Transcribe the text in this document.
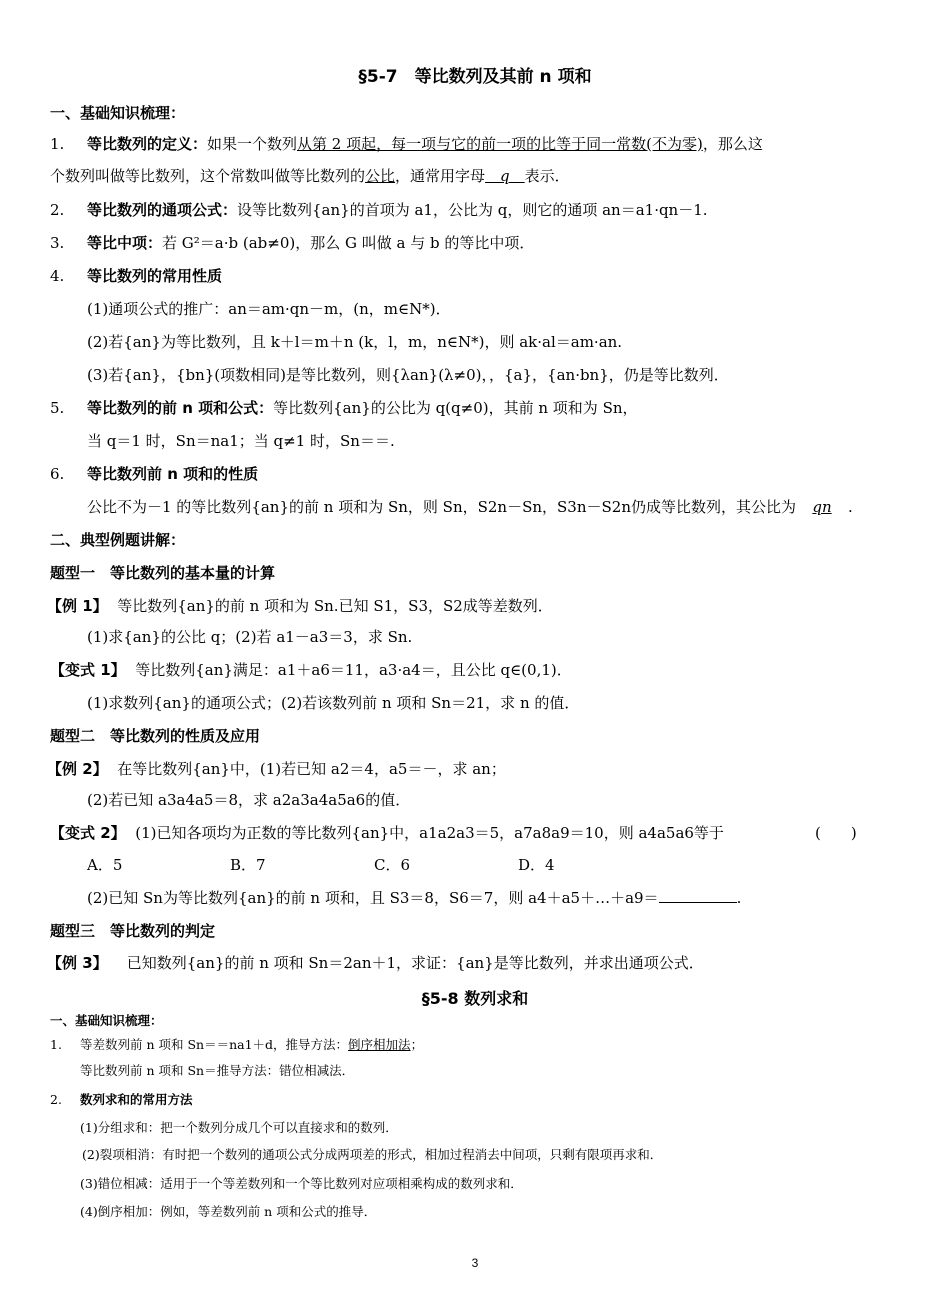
§5-7　等比数列及其前 n 项和
一、基础知识梳理：
1. 等比数列的定义：如果一个数列从第 2 项起，每一项与它的前一项的比等于同一常数(不为零)，那么这
个数列叫做等比数列，这个常数叫做等比数列的公比，通常用字母　q　表示．
2. 等比数列的通项公式：设等比数列{an}的首项为 a1，公比为 q，则它的通项 an＝a1·qn－1.
3. 等比中项：若 G²＝a·b (ab≠0)，那么 G 叫做 a 与 b 的等比中项．
4. 等比数列的常用性质
(1)通项公式的推广：an＝am·qn－m，(n，m∈N*)．
(2)若{an}为等比数列，且 k＋l＝m＋n (k，l，m，n∈N*)，则 ak·al＝am·an.
(3)若{an}，{bn}(项数相同)是等比数列，则{λan}(λ≠0)，，{a}，{an·bn}，仍是等比数列．
5. 等比数列的前 n 项和公式：等比数列{an}的公比为 q(q≠0)，其前 n 项和为 Sn，
当 q＝1 时，Sn＝na1；当 q≠1 时，Sn＝＝.
6. 等比数列前 n 项和的性质
公比不为－1 的等比数列{an}的前 n 项和为 Sn，则 Sn，S2n－Sn，S3n－S2n仍成等比数列，其公比为 qn .
二、典型例题讲解：
题型一　等比数列的基本量的计算
【例 1】 等比数列{an}的前 n 项和为 Sn.已知 S1，S3，S2成等差数列．
(1)求{an}的公比 q；(2)若 a1－a3＝3，求 Sn.
【变式 1】 等比数列{an}满足：a1＋a6＝11，a3·a4＝，且公比 q∈(0,1)．
(1)求数列{an}的通项公式；(2)若该数列前 n 项和 Sn＝21，求 n 的值．
题型二　等比数列的性质及应用
【例 2】 在等比数列{an}中，(1)若已知 a2＝4，a5＝－，求 an；
(2)若已知 a3a4a5＝8，求 a2a3a4a5a6的值．
【变式 2】 (1)已知各项均为正数的等比数列{an}中，a1a2a3＝5，a7a8a9＝10，则 a4a5a6等于	(　　)
A．5	B．7	C．6	D．4
(2)已知 Sn为等比数列{an}的前 n 项和，且 S3＝8，S6＝7，则 a4＋a5＋…＋a9＝	.
题型三　等比数列的判定
【例 3】 已知数列{an}的前 n 项和 Sn＝2an＋1，求证：{an}是等比数列，并求出通项公式．
§5-8 数列求和
一、基础知识梳理：
1. 等差数列前 n 项和 Sn＝＝na1＋d，推导方法：倒序相加法；
等比数列前 n 项和 Sn＝推导方法：错位相减法．
2. 数列求和的常用方法
(1)分组求和：把一个数列分成几个可以直接求和的数列．
(2)裂项相消：有时把一个数列的通项公式分成两项差的形式，相加过程消去中间项，只剩有限项再求和．
(3)错位相减：适用于一个等差数列和一个等比数列对应项相乘构成的数列求和．
(4)倒序相加：例如，等差数列前 n 项和公式的推导．
3
